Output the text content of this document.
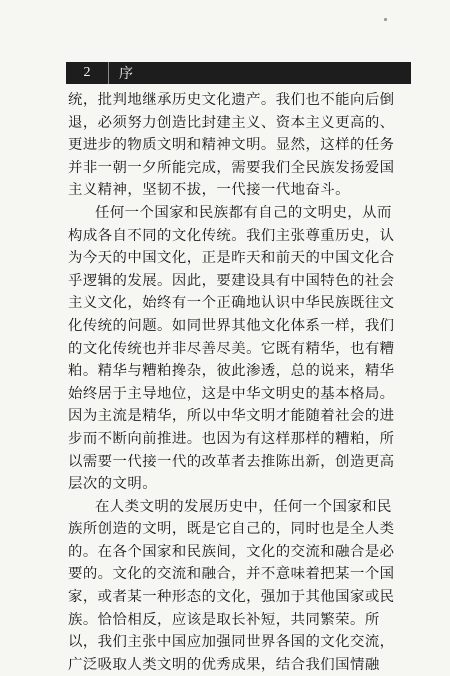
2	序
统，批判地继承历史文化遗产。我们也不能向后倒
退，必须努力创造比封建主义、资本主义更高的、
更进步的物质文明和精神文明。显然，这样的任务
并非一朝一夕所能完成，需要我们全民族发扬爱国
主义精神，坚韧不拔，一代接一代地奋斗。
任何一个国家和民族都有自己的文明史，从而
构成各自不同的文化传统。我们主张尊重历史，认
为今天的中国文化，正是昨天和前天的中国文化合
乎逻辑的发展。因此，要建设具有中国特色的社会
主义文化，始终有一个正确地认识中华民族既往文
化传统的问题。如同世界其他文化体系一样，我们
的文化传统也并非尽善尽美。它既有精华，也有糟
粕。精华与糟粕搀杂，彼此渗透，总的说来，精华
始终居于主导地位，这是中华文明史的基本格局。
因为主流是精华，所以中华文明才能随着社会的进
步而不断向前推进。也因为有这样那样的糟粕，所
以需要一代接一代的改革者去推陈出新，创造更高
层次的文明。
在人类文明的发展历史中，任何一个国家和民
族所创造的文明，既是它自己的，同时也是全人类
的。在各个国家和民族间，文化的交流和融合是必
要的。文化的交流和融合，并不意味着把某一个国
家，或者某一种形态的文化，强加于其他国家或民
族。恰恰相反，应该是取长补短，共同繁荣。所
以，我们主张中国应加强同世界各国的文化交流，
广泛吸取人类文明的优秀成果，结合我们国情融
